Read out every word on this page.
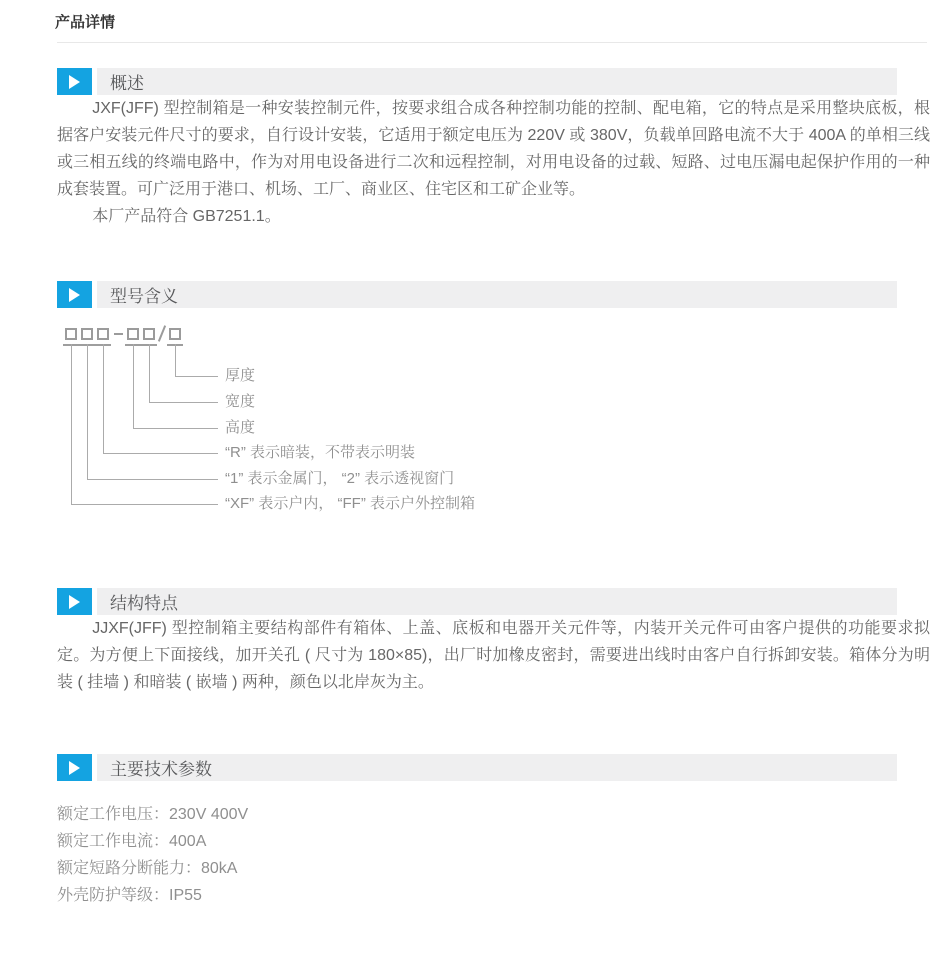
产品详情
概述

JXF(JFF) 型控制箱是一种安装控制元件，按要求组合成各种控制功能的控制、配电箱，它的特点是采用整块底板，根据客户安装元件尺寸的要求，自行设计安装，它适用于额定电压为 220V 或 380V，负载单回路电流不大于 400A 的单相三线或三相五线的终端电路中，作为对用电设备进行二次和远程控制，对用电设备的过载、短路、过电压漏电起保护作用的一种成套装置。可广泛用于港口、机场、工厂、商业区、住宅区和工矿企业等。

本厂产品符合 GB7251.1。

型号含义
厚度
宽度
高度
“R” 表示暗装，不带表示明装
“1” 表示金属门， “2” 表示透视窗门
“XF” 表示户内， “FF” 表示户外控制箱
结构特点

JJXF(JFF) 型控制箱主要结构部件有箱体、上盖、底板和电器开关元件等，内装开关元件可由客户提供的功能要求拟定。为方便上下面接线，加开关孔 ( 尺寸为 180×85)，出厂时加橡皮密封，需要进出线时由客户自行拆卸安装。箱体分为明装 ( 挂墙 ) 和暗装 ( 嵌墙 ) 两种，颜色以北岸灰为主。

主要技术参数
额定工作电压：230V 400V
额定工作电流：400A
额定短路分断能力：80kA
外壳防护等级：IP55
